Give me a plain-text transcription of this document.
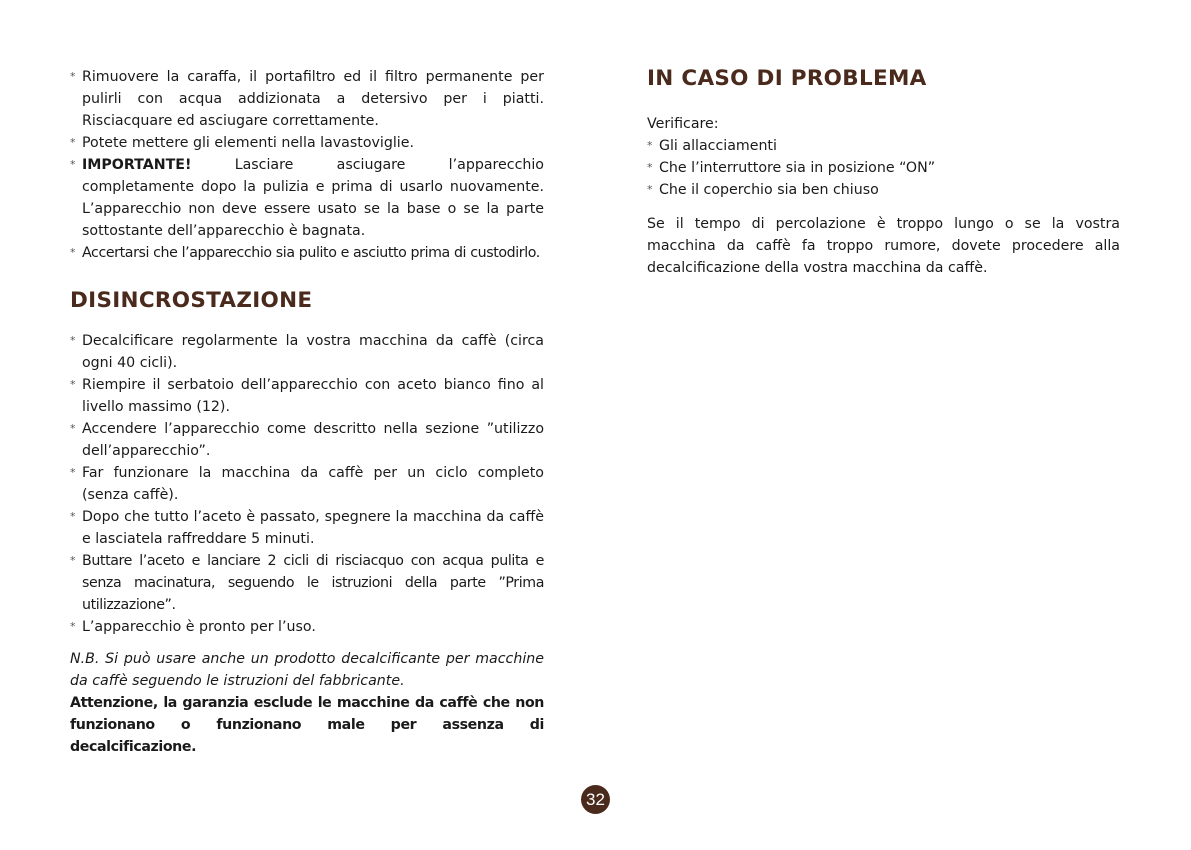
* Rimuovere la caraffa, il portafiltro ed il filtro permanente per pulirli con acqua addizionata a detersivo per i piatti. Risciacquare ed asciugare correttamente.
* Potete mettere gli elementi nella lavastoviglie.
* IMPORTANTE! Lasciare asciugare l’apparecchio completamente dopo la pulizia e prima di usarlo nuovamente. L’apparecchio non deve essere usato se la base o se la parte sottostante dell’apparecchio è bagnata.
* Accertarsi che l’apparecchio sia pulito e asciutto prima di custodirlo.
DISINCROSTAZIONE
* Decalcificare regolarmente la vostra macchina da caffè (circa ogni 40 cicli).
* Riempire il serbatoio dell’apparecchio con aceto bianco fino al livello massimo (12).
* Accendere l’apparecchio come descritto nella sezione ”utilizzo dell’apparecchio”.
* Far funzionare la macchina da caffè per un ciclo completo (senza caffè).
* Dopo che tutto l’aceto è passato, spegnere la macchina da caffè e lasciatela raffreddare 5 minuti.
* Buttare l’aceto e lanciare 2 cicli di risciacquo con acqua pulita e senza macinatura, seguendo le istruzioni della parte ”Prima utilizzazione”.
* L’apparecchio è pronto per l’uso.

N.B. Si può usare anche un prodotto decalcificante per macchine da caffè seguendo le istruzioni del fabbricante.

Attenzione, la garanzia esclude le macchine da caffè che non funzionano o funzionano male per assenza di decalcificazione.

IN CASO DI PROBLEMA

Verificare:

* Gli allacciamenti
* Che l’interruttore sia in posizione “ON”
* Che il coperchio sia ben chiuso

Se il tempo di percolazione è troppo lungo o se la vostra macchina da caffè fa troppo rumore, dovete procedere alla decalcificazione della vostra macchina da caffè.

32
